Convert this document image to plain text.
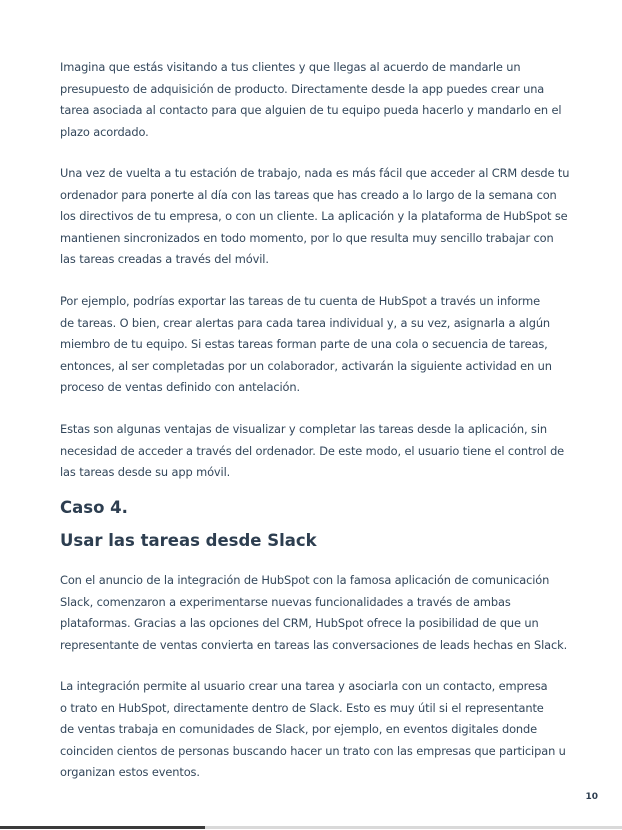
Imagina que estás visitando a tus clientes y que llegas al acuerdo de mandarle un
presupuesto de adquisición de producto. Directamente desde la app puedes crear una
tarea asociada al contacto para que alguien de tu equipo pueda hacerlo y mandarlo en el
plazo acordado.

Una vez de vuelta a tu estación de trabajo, nada es más fácil que acceder al CRM desde tu
ordenador para ponerte al día con las tareas que has creado a lo largo de la semana con
los directivos de tu empresa, o con un cliente. La aplicación y la plataforma de HubSpot se
mantienen sincronizados en todo momento, por lo que resulta muy sencillo trabajar con
las tareas creadas a través del móvil.

Por ejemplo, podrías exportar las tareas de tu cuenta de HubSpot a través un informe
de tareas. O bien, crear alertas para cada tarea individual y, a su vez, asignarla a algún
miembro de tu equipo. Si estas tareas forman parte de una cola o secuencia de tareas,
entonces, al ser completadas por un colaborador, activarán la siguiente actividad en un
proceso de ventas definido con antelación.

Estas son algunas ventajas de visualizar y completar las tareas desde la aplicación, sin
necesidad de acceder a través del ordenador. De este modo, el usuario tiene el control de
las tareas desde su app móvil.

Caso 4.
Usar las tareas desde Slack

Con el anuncio de la integración de HubSpot con la famosa aplicación de comunicación
Slack, comenzaron a experimentarse nuevas funcionalidades a través de ambas
plataformas. Gracias a las opciones del CRM, HubSpot ofrece la posibilidad de que un
representante de ventas convierta en tareas las conversaciones de leads hechas en Slack.

La integración permite al usuario crear una tarea y asociarla con un contacto, empresa
o trato en HubSpot, directamente dentro de Slack. Esto es muy útil si el representante
de ventas trabaja en comunidades de Slack, por ejemplo, en eventos digitales donde
coinciden cientos de personas buscando hacer un trato con las empresas que participan u
organizan estos eventos.

10
